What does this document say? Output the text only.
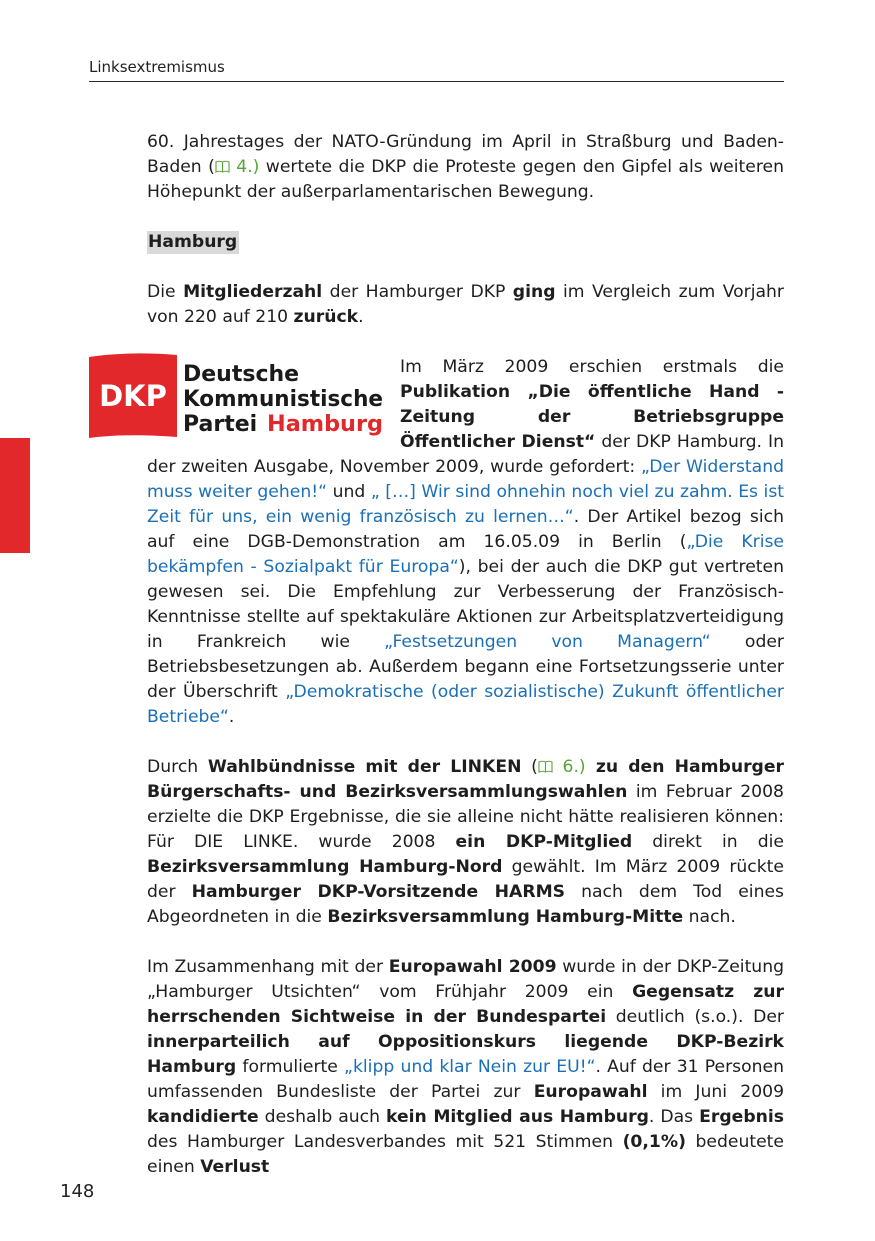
Linksextremismus

60. Jahrestages der NATO-Gründung im April in Straßburg und Baden-Baden ( 4.) wertete die DKP die Proteste gegen den Gipfel als weiteren Höhepunkt der außerparlamentarischen Bewegung.

Hamburg

Die Mitgliederzahl der Hamburger DKP ging im Vergleich zum Vorjahr von 220 auf 210 zurück.

DKP
Deutsche
Kommunistische
Partei Hamburg
Im März 2009 erschien erstmals die Publikation „Die öffentliche Hand - Zeitung der Betriebsgruppe Öffentlicher Dienst“ der DKP Hamburg. In der zweiten Ausgabe, November 2009, wurde gefordert: „Der Widerstand muss weiter gehen!“ und „ […] Wir sind ohnehin noch viel zu zahm. Es ist Zeit für uns, ein wenig französisch zu lernen…“. Der Artikel bezog sich auf eine DGB-Demonstration am 16.05.09 in Berlin („Die Krise bekämpfen - Sozialpakt für Europa“), bei der auch die DKP gut vertreten gewesen sei. Die Empfehlung zur Verbesserung der Französisch-Kenntnisse stellte auf spektakuläre Aktionen zur Arbeitsplatzverteidigung in Frankreich wie „Festsetzungen von Managern“ oder Betriebsbesetzungen ab. Außerdem begann eine Fortsetzungsserie unter der Überschrift „Demokratische (oder sozialistische) Zukunft öffentlicher Betriebe“.

Durch Wahlbündnisse mit der LINKEN ( 6.) zu den Hamburger Bürgerschafts- und Bezirksversammlungswahlen im Februar 2008 erzielte die DKP Ergebnisse, die sie alleine nicht hätte realisieren können: Für DIE LINKE. wurde 2008 ein DKP-Mitglied direkt in die Bezirksversammlung Hamburg-Nord gewählt. Im März 2009 rückte der Hamburger DKP-Vorsitzende HARMS nach dem Tod eines Abgeordneten in die Bezirksversammlung Hamburg-Mitte nach.

Im Zusammenhang mit der Europawahl 2009 wurde in der DKP-Zeitung „Hamburger Utsichten“ vom Frühjahr 2009 ein Gegensatz zur herrschenden Sichtweise in der Bundespartei deutlich (s.o.). Der innerparteilich auf Oppositionskurs liegende DKP-Bezirk Hamburg formulierte „klipp und klar Nein zur EU!“. Auf der 31 Personen umfassenden Bundesliste der Partei zur Europawahl im Juni 2009 kandidierte deshalb auch kein Mitglied aus Hamburg. Das Ergebnis des Hamburger Landesverbandes mit 521 Stimmen (0,1%) bedeutete einen Verlust

148
